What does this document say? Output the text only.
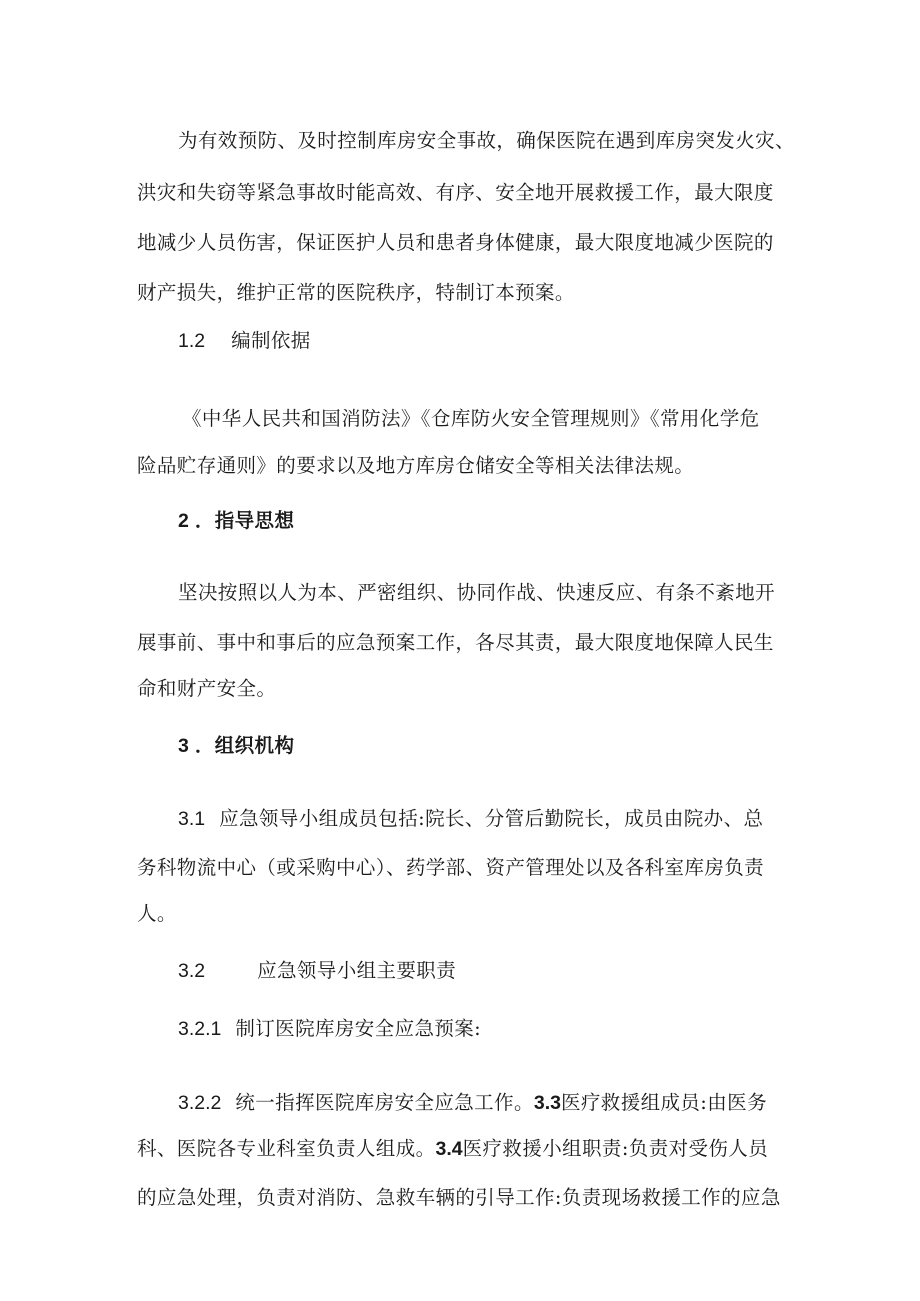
为有效预防、及时控制库房安全事故，确保医院在遇到库房突发火灾、
洪灾和失窃等紧急事故时能高效、有序、安全地开展救援工作，最大限度
地减少人员伤害，保证医护人员和患者身体健康，最大限度地减少医院的
财产损失，维护正常的医院秩序，特制订本预案。
1.2 编制依据
《中华人民共和国消防法》《仓库防火安全管理规则》《常用化学危
险品贮存通则》的要求以及地方库房仓储安全等相关法律法规。
2 ．指导思想
坚决按照以人为本、严密组织、协同作战、快速反应、有条不紊地开
展事前、事中和事后的应急预案工作，各尽其责，最大限度地保障人民生
命和财产安全。
3 ．组织机构
3.1 应急领导小组成员包括:院长、分管后勤院长，成员由院办、总
务科物流中心（或采购中心）、药学部、资产管理处以及各科室库房负责
人。
3.2	应急领导小组主要职责
3.2.1 制订医院库房安全应急预案:
3.2.2 统一指挥医院库房安全应急工作。3.3医疗救援组成员:由医务
科、医院各专业科室负责人组成。3.4医疗救援小组职责:负责对受伤人员
的应急处理，负责对消防、急救车辆的引导工作:负责现场救援工作的应急
